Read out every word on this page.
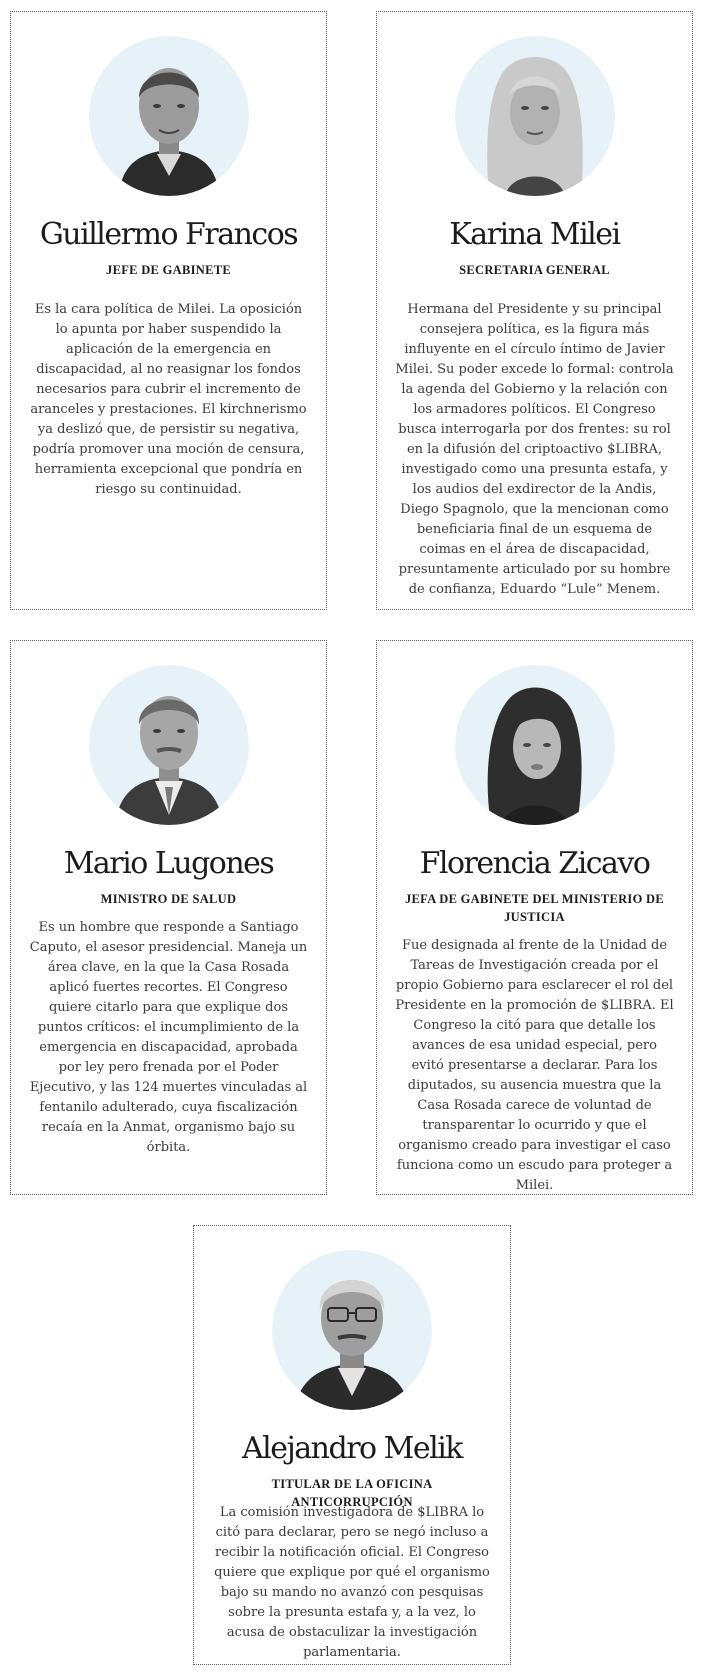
Guillermo Francos

JEFE DE GABINETE

Es la cara política de Milei. La oposición lo apunta por haber suspendido la aplicación de la emergencia en discapacidad, al no reasignar los fondos necesarios para cubrir el incremento de aranceles y prestaciones. El kirchnerismo ya deslizó que, de persistir su negativa, podría promover una moción de censura, herramienta excepcional que pondría en riesgo su continuidad.

Karina Milei

SECRETARIA GENERAL

Hermana del Presidente y su principal consejera política, es la figura más influyente en el círculo íntimo de Javier Milei. Su poder excede lo formal: controla la agenda del Gobierno y la relación con los armadores políticos. El Congreso busca interrogarla por dos frentes: su rol en la difusión del criptoactivo $LIBRA, investigado como una presunta estafa, y los audios del exdirector de la Andis, Diego Spagnolo, que la mencionan como beneficiaria final de un esquema de coimas en el área de discapacidad, presuntamente articulado por su hombre de confianza, Eduardo “Lule” Menem.

Mario Lugones

MINISTRO DE SALUD

Es un hombre que responde a Santiago Caputo, el asesor presidencial. Maneja un área clave, en la que la Casa Rosada aplicó fuertes recortes. El Congreso quiere citarlo para que explique dos puntos críticos: el incumplimiento de la emergencia en discapacidad, aprobada por ley pero frenada por el Poder Ejecutivo, y las 124 muertes vinculadas al fentanilo adulterado, cuya fiscalización recaía en la Anmat, organismo bajo su órbita.

Florencia Zicavo

JEFA DE GABINETE DEL MINISTERIO DE JUSTICIA

Fue designada al frente de la Unidad de Tareas de Investigación creada por el propio Gobierno para esclarecer el rol del Presidente en la promoción de $LIBRA. El Congreso la citó para que detalle los avances de esa unidad especial, pero evitó presentarse a declarar. Para los diputados, su ausencia muestra que la Casa Rosada carece de voluntad de transparentar lo ocurrido y que el organismo creado para investigar el caso funciona como un escudo para proteger a Milei.

Alejandro Melik

TITULAR DE LA OFICINA ANTICORRUPCIÓN

La comisión investigadora de $LIBRA lo citó para declarar, pero se negó incluso a recibir la notificación oficial. El Congreso quiere que explique por qué el organismo bajo su mando no avanzó con pesquisas sobre la presunta estafa y, a la vez, lo acusa de obstaculizar la investigación parlamentaria.
